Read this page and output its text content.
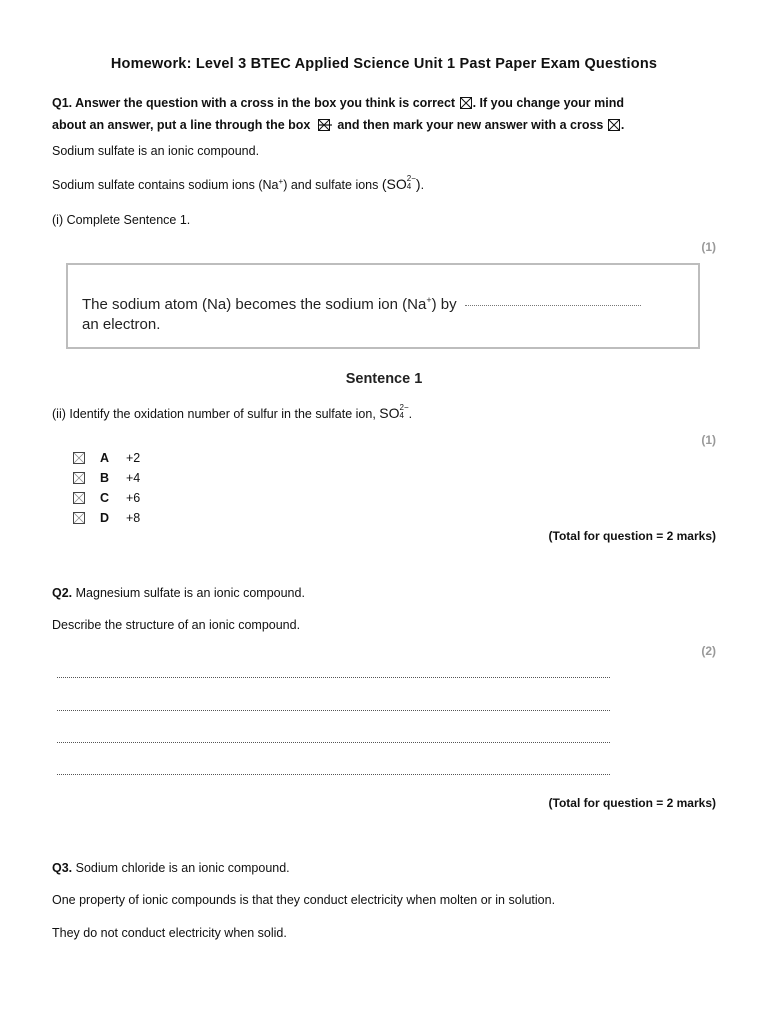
Homework: Level 3 BTEC Applied Science Unit 1 Past Paper Exam Questions
Q1. Answer the question with a cross in the box you think is correct ☒. If you change your mind
about an answer, put a line through the box and then mark your new answer with a cross ☒.
Sodium sulfate is an ionic compound.
Sodium sulfate contains sodium ions (Na+) and sulfate ions (SO2−
4 ).
(i) Complete Sentence 1.
(1)
The sodium atom (Na) becomes the sodium ion (Na+) by
an electron.
Sentence 1
(ii) Identify the oxidation number of sulfur in the sulfate ion, SO2−
4 .
(1)
A +2
B +4
C +6
D +8
(Total for question = 2 marks)
Q2. Magnesium sulfate is an ionic compound.
Describe the structure of an ionic compound.
(2)
(Total for question = 2 marks)
Q3. Sodium chloride is an ionic compound.
One property of ionic compounds is that they conduct electricity when molten or in solution.
They do not conduct electricity when solid.
